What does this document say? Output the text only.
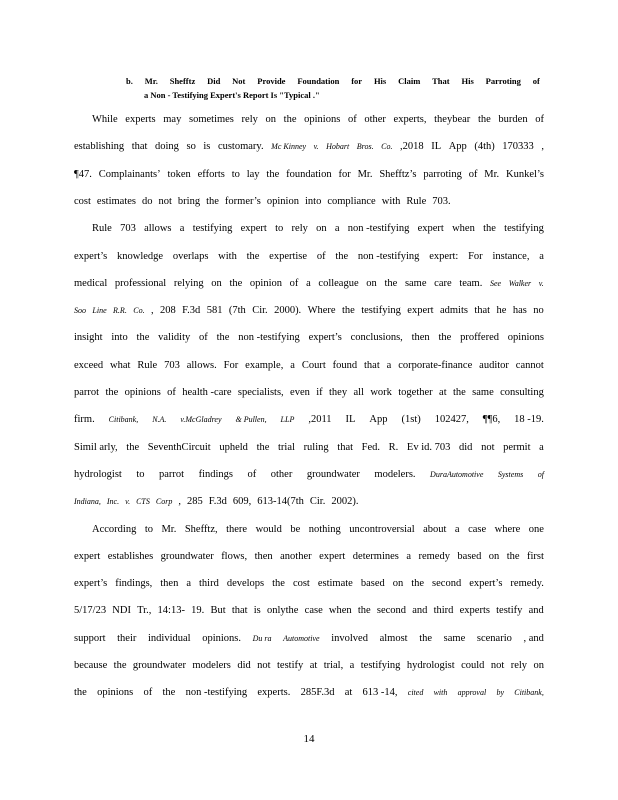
b. Mr. Shefftz Did Not Provide Foundation for His Claim That His Parroting of
a Non - Testifying Expert's Report Is "Typical ."
While experts may sometimes rely on the opinions of other experts, theybear the burden of
establishing that doing so is customary. Mc Kinney v. Hobart Bros. Co. ,2018 IL App (4th) 170333 ,
¶47. Complainants’ token efforts to lay the foundation for Mr. Shefftz’s parroting of Mr. Kunkel’s
cost estimates do not bring the former’s opinion into compliance with Rule 703.
Rule 703 allows a testifying expert to rely on a non -testifying expert when the testifying
expert’s knowledge overlaps with the expertise of the non -testifying expert: For instance, a
medical professional relying on the opinion of a colleague on the same care team. See Walker v.
Soo Line R.R. Co. , 208 F.3d 581 (7th Cir. 2000). Where the testifying expert admits that he has no
insight into the validity of the non -testifying expert’s conclusions, then the proffered opinions
exceed what Rule 703 allows. For example, a Court found that a corporate-finance auditor cannot
parrot the opinions of health -care specialists, even if they all work together at the same consulting
firm. Citibank, N.A. v.McGladrey & Pullen, LLP ,2011 IL App (1st) 102427, ¶¶6, 18 -19.
Simil arly, the SeventhCircuit upheld the trial ruling that Fed. R. Ev id. 703 did not permit a
hydrologist to parrot findings of other groundwater modelers. DuraAutomotive Systems of
Indiana, Inc. v. CTS Corp , 285 F.3d 609, 613-14(7th Cir. 2002).
According to Mr. Shefftz, there would be nothing uncontroversial about a case where one
expert establishes groundwater flows, then another expert determines a remedy based on the first
expert’s findings, then a third develops the cost estimate based on the second expert’s remedy.
5/17/23 NDI Tr., 14:13- 19. But that is onlythe case when the second and third experts testify and
support their individual opinions. Du ra Automotive involved almost the same scenario , and
because the groundwater modelers did not testify at trial, a testifying hydrologist could not rely on
the opinions of the non -testifying experts. 285F.3d at 613 -14, cited with approval by Citibank,
14
